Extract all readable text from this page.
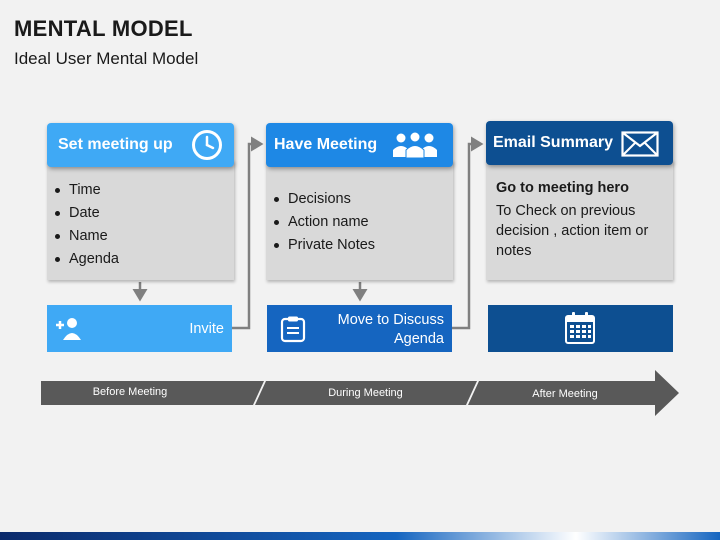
MENTAL MODEL
Ideal User Mental Model
Time
Date
Name
Agenda
Set meeting up
Invite
Decisions
Action name
Private Notes
Have Meeting
Move to Discuss
Agenda
Go to meeting hero
To Check on previous
decision , action item or
notes
Email Summary
Before Meeting	During Meeting	After Meeting
